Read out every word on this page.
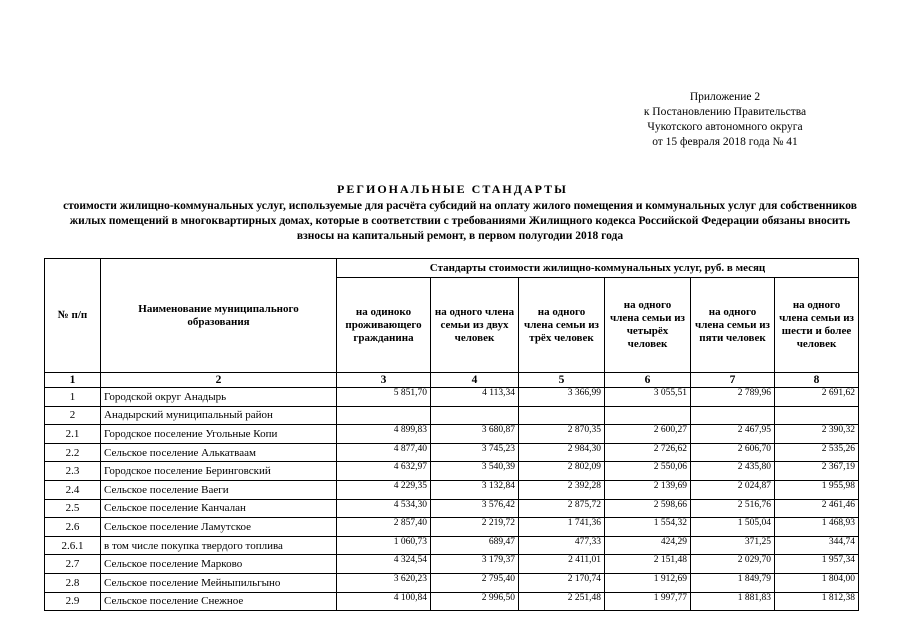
Приложение 2
к Постановлению Правительства
Чукотского автономного округа
от 15 февраля 2018 года № 41
РЕГИОНАЛЬНЫЕ СТАНДАРТЫ
стоимости жилищно-коммунальных услуг, используемые для расчёта субсидий на оплату жилого помещения и коммунальных услуг для собственников жилых помещений в многоквартирных домах, которые в соответствии с требованиями Жилищного кодекса Российской Федерации обязаны вносить взносы на капитальный ремонт, в первом полугодии 2018 года
№ п/п	Наименование муниципального образования	Стандарты стоимости жилищно-коммунальных услуг, руб. в месяц					
		на одиноко проживающего гражданина	на одного члена семьи из двух человек	на одного члена семьи из трёх человек	на одного члена семьи из четырёх человек	на одного члена семьи из пяти человек	на одного члена семьи из шести и более человек
1	2	3	4	5	6	7	8
1	Городской округ Анадырь	5 851,70	4 113,34	3 366,99	3 055,51	2 789,96	2 691,62
2	Анадырский муниципальный район						
2.1	Городское поселение Угольные Копи	4 899,83	3 680,87	2 870,35	2 600,27	2 467,95	2 390,32
2.2	Сельское поселение Алькатваам	4 877,40	3 745,23	2 984,30	2 726,62	2 606,70	2 535,26
2.3	Городское поселение Беринговский	4 632,97	3 540,39	2 802,09	2 550,06	2 435,80	2 367,19
2.4	Сельское поселение Ваеги	4 229,35	3 132,84	2 392,28	2 139,69	2 024,87	1 955,98
2.5	Сельское поселение Канчалан	4 534,30	3 576,42	2 875,72	2 598,66	2 516,76	2 461,46
2.6	Сельское поселение Ламутское	2 857,40	2 219,72	1 741,36	1 554,32	1 505,04	1 468,93
2.6.1	в том числе покупка твердого топлива	1 060,73	689,47	477,33	424,29	371,25	344,74
2.7	Сельское поселение Марково	4 324,54	3 179,37	2 411,01	2 151,48	2 029,70	1 957,34
2.8	Сельское поселение Мейныпильгыно	3 620,23	2 795,40	2 170,74	1 912,69	1 849,79	1 804,00
2.9	Сельское поселение Снежное	4 100,84	2 996,50	2 251,48	1 997,77	1 881,83	1 812,38
